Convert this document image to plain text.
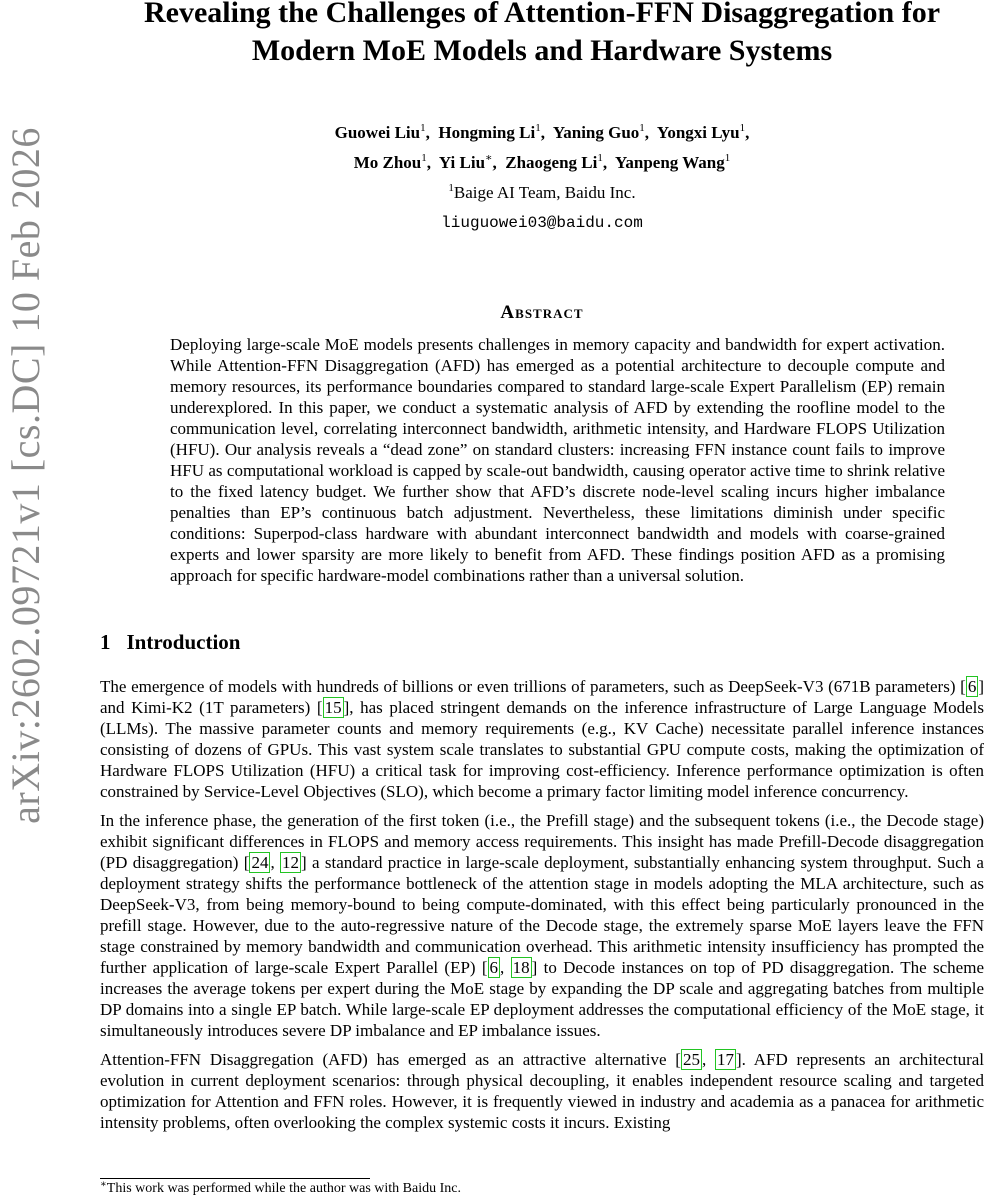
arXiv:2602.09721v1 [cs.DC] 10 Feb 2026
Revealing the Challenges of Attention-FFN Disaggregation for
Modern MoE Models and Hardware Systems
Guowei Liu$^1$,  Hongming Li$^1$,  Yaning Guo$^1$,  Yongxi Lyu$^1$,
Mo Zhou$^1$,  Yi Liu∗,  Zhaogeng Li$^1$,  Yanpeng Wang$^1$
$^1$Baige AI Team, Baidu Inc.
liuguowei03@baidu.com
Abstract

Deploying large-scale MoE models presents challenges in memory capacity and bandwidth for expert activation. While Attention-FFN Disaggregation (AFD) has emerged as a potential architecture to decouple compute and memory resources, its performance boundaries compared to standard large-scale Expert Parallelism (EP) remain underexplored. In this paper, we conduct a systematic analysis of AFD by extending the roofline model to the communication level, correlating interconnect bandwidth, arithmetic intensity, and Hardware FLOPS Utilization (HFU). Our analysis reveals a “dead zone” on standard clusters: increasing FFN instance count fails to improve HFU as computational workload is capped by scale-out bandwidth, causing operator active time to shrink relative to the fixed latency budget. We further show that AFD’s discrete node-level scaling incurs higher imbalance penalties than EP’s continuous batch adjustment. Nevertheless, these limitations diminish under specific conditions: Superpod-class hardware with abundant interconnect bandwidth and models with coarse-grained experts and lower sparsity are more likely to benefit from AFD. These findings position AFD as a promising approach for specific hardware-model combinations rather than a universal solution.

1 Introduction

The emergence of models with hundreds of billions or even trillions of parameters, such as DeepSeek-V3 (671B parameters) [ 6 ] and Kimi-K2 (1T parameters) [ 15 ], has placed stringent demands on the inference infrastructure of Large Language Models (LLMs). The massive parameter counts and memory requirements (e.g., KV Cache) necessitate parallel inference instances consisting of dozens of GPUs. This vast system scale translates to substantial GPU compute costs, making the optimization of Hardware FLOPS Utilization (HFU) a critical task for improving cost-efficiency. Inference performance optimization is often constrained by Service-Level Objectives (SLO), which become a primary factor limiting model inference concurrency.

In the inference phase, the generation of the first token (i.e., the Prefill stage) and the subsequent tokens (i.e., the Decode stage) exhibit significant differences in FLOPS and memory access requirements. This insight has made Prefill-Decode disaggregation (PD disaggregation) [ 24 , 12 ] a standard practice in large-scale deployment, substantially enhancing system throughput. Such a deployment strategy shifts the performance bottleneck of the attention stage in models adopting the MLA architecture, such as DeepSeek-V3, from being memory-bound to being compute-dominated, with this effect being particularly pronounced in the prefill stage. However, due to the auto-regressive nature of the Decode stage, the extremely sparse MoE layers leave the FFN stage constrained by memory bandwidth and communication overhead. This arithmetic intensity insufficiency has prompted the further application of large-scale Expert Parallel (EP) [ 6 , 18 ] to Decode instances on top of PD disaggregation. The scheme increases the average tokens per expert during the MoE stage by expanding the DP scale and aggregating batches from multiple DP domains into a single EP batch. While large-scale EP deployment addresses the computational efficiency of the MoE stage, it simultaneously introduces severe DP imbalance and EP imbalance issues.

Attention-FFN Disaggregation (AFD) has emerged as an attractive alternative [ 25 , 17 ]. AFD represents an architectural evolution in current deployment scenarios: through physical decoupling, it enables independent resource scaling and targeted optimization for Attention and FFN roles. However, it is frequently viewed in industry and academia as a panacea for arithmetic intensity problems, often overlooking the complex systemic costs it incurs. Existing

∗This work was performed while the author was with Baidu Inc.
